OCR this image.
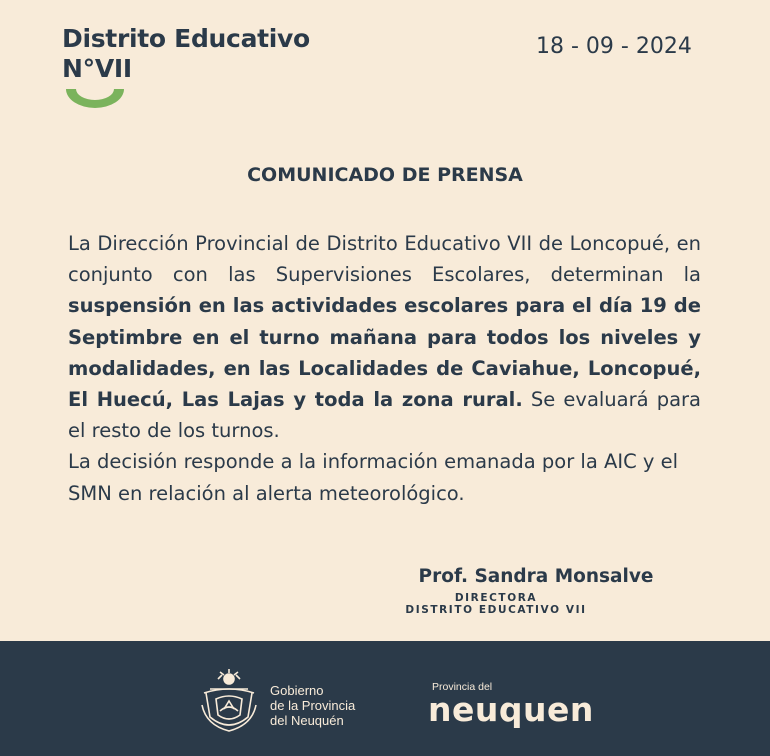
Distrito Educativo
N°VII
18 - 09 - 2024
COMUNICADO DE PRENSA

La Dirección Provincial de Distrito Educativo VII de Loncopué, en conjunto con las Supervisiones Escolares, determinan la suspensión en las actividades escolares para el día 19 de Septimbre en el turno mañana para todos los niveles y modalidades, en las Localidades de Caviahue, Loncopué, El Huecú, Las Lajas y toda la zona rural. Se evaluará para el resto de los turnos.

La decisión responde a la información emanada por la AIC y el SMN en relación al alerta meteorológico.

Prof. Sandra Monsalve
DIRECTORA
DISTRITO EDUCATIVO VII
Gobierno
de la Provincia
del Neuquén
Provincia del
neuquen
